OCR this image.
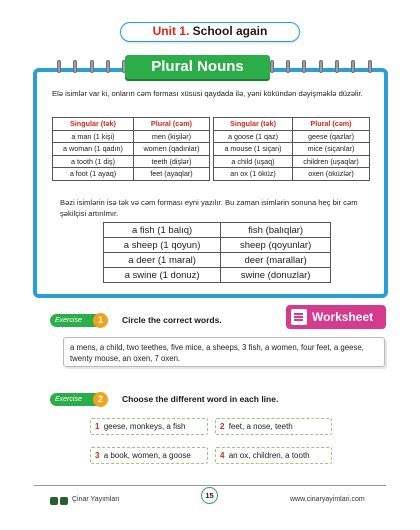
Unit 1. School again
Plural Nouns

Elə isimlər var ki, onların cəm forması xüsusi qaydada ilə, yəni kökündən dəyişməklə düzəlir.

Singular (tək)	Plural (cəm)
a man (1 kişi)	men (kişilər)
a woman (1 qadın)	women (qadınlar)
a tooth (1 diş)	teeth (dişlər)
a foot (1 ayaq)	feet (ayaqlar)
Singular (tək)	Plural (cəm)
a goose (1 qaz)	geese (qazlar)
a mouse (1 siçan)	mice (siçanlar)
a child (uşaq)	children (uşaqlar)
an ox (1 öküz)	oxen (öküzlər)

Bəzi isimlərin isə tək və cəm forması eyni yazılır. Bu zaman isimlərin sonuna heç bir cəm şəkilçisi artırılmır.

a fish (1 balıq)	fish (balıqlar)
a sheep (1 qoyun)	sheep (qoyunlar)
a deer (1 maral)	deer (marallar)
a swine (1 donuz)	swine (donuzlar)
Worksheet
Exercise	1	Circle the correct words.
a mens, a child, two teethes, five mice, a sheeps, 3 fish, a women, four feet, a geese, twenty mouse, an oxen, 7 oxen.
Exercise	2	Choose the different word in each line.
1 geese, monkeys, a fish	2 feet, a nose, teeth
3 a book, women, a goose	4 an ox, children, a tooth
Çinar Yayımları	15	www.cinaryayimlari.com
